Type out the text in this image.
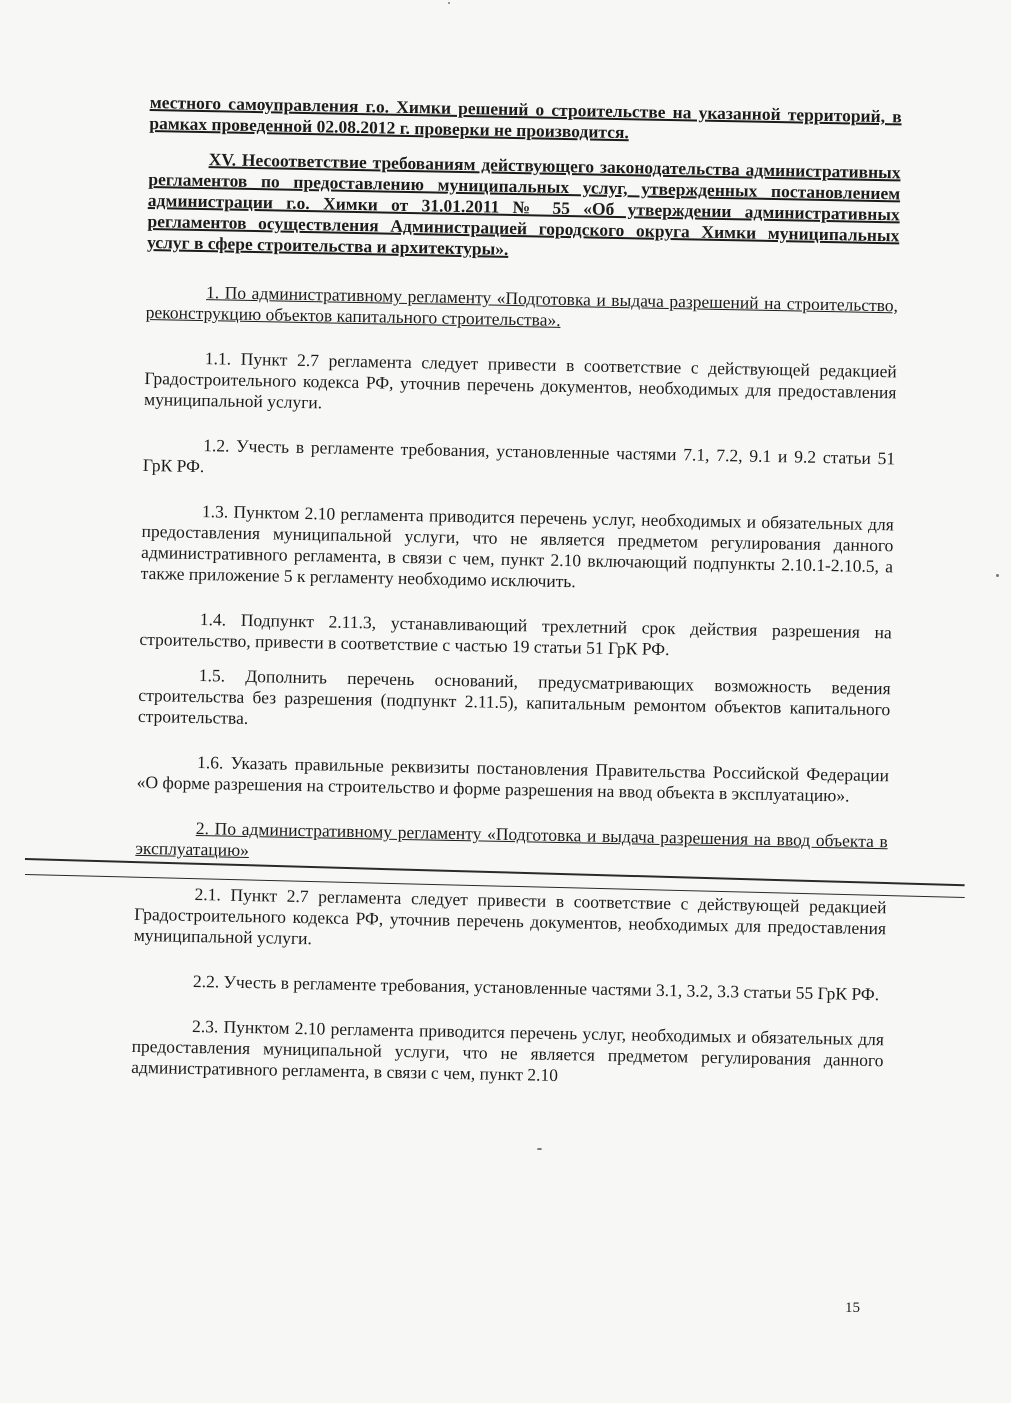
местного самоуправления г.о. Химки решений о строительстве на указанной территорий, в рамках проведенной 02.08.2012 г. проверки не производится.

XV. Несоответствие требованиям действующего законодательства административных регламентов по предоставлению муниципальных услуг, утвержденных постановлением администрации г.о. Химки от 31.01.2011 № 55 «Об утверждении административных регламентов осуществления Администрацией городского округа Химки муниципальных услуг в сфере строительства и архитектуры».

1. По административному регламенту «Подготовка и выдача разрешений на строительство, реконструкцию объектов капитального строительства».

1.1. Пункт 2.7 регламента следует привести в соответствие с действующей редакцией Градостроительного кодекса РФ, уточнив перечень документов, необходимых для предоставления муниципальной услуги.

1.2. Учесть в регламенте требования, установленные частями 7.1, 7.2, 9.1 и 9.2 статьи 51 ГрК РФ.

1.3. Пунктом 2.10 регламента приводится перечень услуг, необходимых и обязательных для предоставления муниципальной услуги, что не является предметом регулирования данного административного регламента, в связи с чем, пункт 2.10 включающий подпункты 2.10.1-2.10.5, а также приложение 5 к регламенту необходимо исключить.

1.4. Подпункт 2.11.3, устанавливающий трехлетний срок действия разрешения на строительство, привести в соответствие с частью 19 статьи 51 ГрК РФ.

1.5. Дополнить перечень оснований, предусматривающих возможность ведения строительства без разрешения (подпункт 2.11.5), капитальным ремонтом объектов капитального строительства.

1.6. Указать правильные реквизиты постановления Правительства Российской Федерации «О форме разрешения на строительство и форме разрешения на ввод объекта в эксплуатацию».

2. По административному регламенту «Подготовка и выдача разрешения на ввод объекта в эксплуатацию»

2.1. Пункт 2.7 регламента следует привести в соответствие с действующей редакцией Градостроительного кодекса РФ, уточнив перечень документов, необходимых для предоставления муниципальной услуги.

2.2. Учесть в регламенте требования, установленные частями 3.1, 3.2, 3.3 статьи 55 ГрК РФ.

2.3. Пунктом 2.10 регламента приводится перечень услуг, необходимых и обязательных для предоставления муниципальной услуги, что не является предметом регулирования данного административного регламента, в связи с чем, пункт 2.10

15
